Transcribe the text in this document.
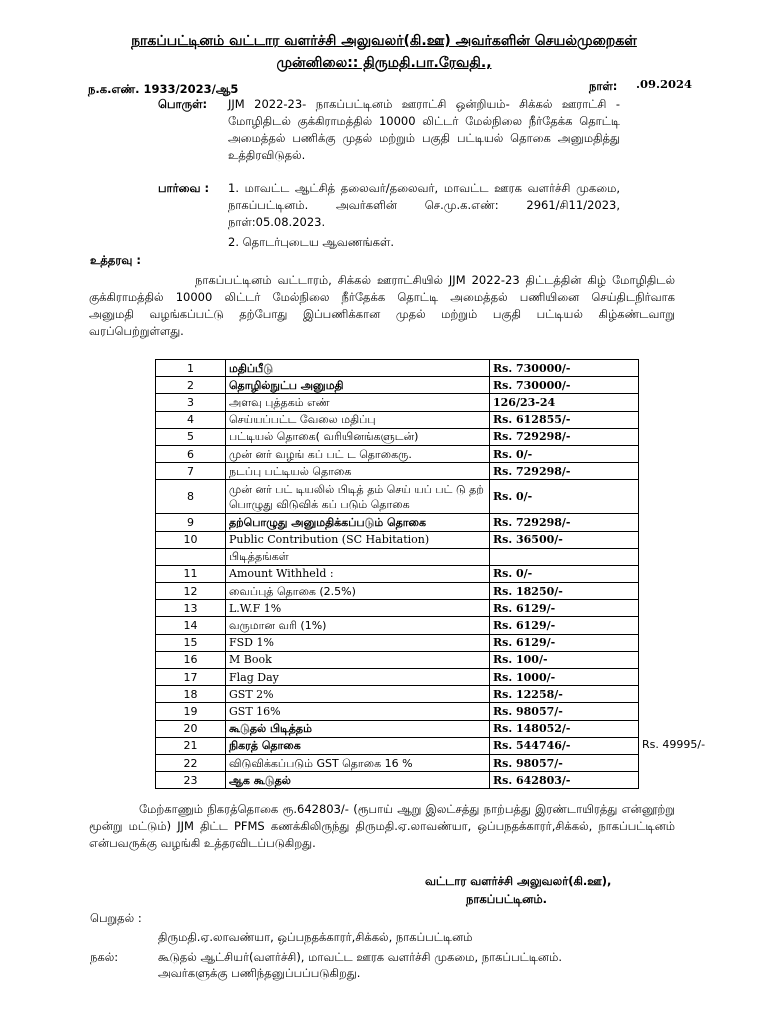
நாகப்பட்டினம் வட்டார வளர்ச்சி அலுவலர்(கி.ஊ) அவர்களின் செயல்முறைகள்
முன்னிலை:: திருமதி.பா.ரேவதி.,
ந.க.எண். 1933/2023/ஆ5	நாள்: .09.2024
பொருள்: JJM 2022-23- நாகப்பட்டினம் ஊராட்சி ஒன்றியம்- சிக்கல் ஊராட்சி -
மோழிதிடல் குக்கிராமத்தில் 10000 லிட்டர் மேல்நிலை நீர்தேக்க தொட்டி
அமைத்தல் பணிக்கு முதல் மற்றும் பகுதி பட்டியல் தொகை அனுமதித்து
உத்திரவிடுதல்.
பார்வை : 1. மாவட்ட ஆட்சித் தலைவர்/தலைவர், மாவட்ட ஊரக வளர்ச்சி முகமை,
நாகப்பட்டினம். அவர்களின் செ.மு.க.எண்: 2961/சி11/2023,
நாள்:05.08.2023.
2. தொடர்புடைய ஆவணங்கள்.
உத்தரவு :
நாகப்பட்டினம் வட்டாரம், சிக்கல் ஊராட்சியில் JJM 2022-23 திட்டத்தின் கிழ் மோழிதிடல்
குக்கிராமத்தில் 10000 லிட்டர் மேல்நிலை நீர்தேக்க தொட்டி அமைத்தல் பணியினை செய்திடநிர்வாக
அனுமதி வழங்கப்பட்டு தற்போது இப்பணிக்கான முதல் மற்றும் பகுதி பட்டியல் கிழ்கண்டவாறு
வரப்பெற்றுள்ளது.
1	மதிப்பீடு	Rs. 730000/-
2	தொழில்நுட்ப அனுமதி	Rs. 730000/-
3	அளவு புத்தகம் எண்	126/23-24
4	செய்யப்பட்ட வேலை மதிப்பு	Rs. 612855/-
5	பட்டியல் தொகை( வரியினங்களுடன்)	Rs. 729298/-
6	முன் னர் வழங் கப் பட் ட தொகைரு.	Rs. 0/-
7	நடப்பு பட்டியல் தொகை	Rs. 729298/-
8	முன் னர் பட் டியலில் பிடித் தம் செய் யப் பட் டு தற் பொழுது விடுவிக் கப் படும் தொகை	Rs. 0/-
9	தற்பொழுது அனுமதிக்கப்படும் தொகை	Rs. 729298/-
10	Public Contribution (SC Habitation)	Rs. 36500/-
	பிடித்தங்கள்	
11	Amount Withheld :	Rs. 0/-
12	வைப்புத் தொகை (2.5%)	Rs. 18250/-
13	L.W.F 1%	Rs. 6129/-
14	வருமான வரி (1%)	Rs. 6129/-
15	FSD 1%	Rs. 6129/-
16	M Book	Rs. 100/-
17	Flag Day	Rs. 1000/-
18	GST 2%	Rs. 12258/-
19	GST 16%	Rs. 98057/-
20	கூடுதல் பிடித்தம்	Rs. 148052/-
21	நிகரத் தொகை	Rs. 544746/-
22	விடுவிக்கப்படும் GST தொகை 16 %	Rs. 98057/-
23	ஆக கூடுதல்	Rs. 642803/-
Rs. 49995/-
மேற்காணும் நிகரத்தொகை ரூ.642803/- (ரூபாய் ஆறு இலட்சத்து நாற்பத்து இரண்டாயிரத்து என்னூற்று
மூன்று மட்டும்) JJM திட்ட PFMS கணக்கிலிருந்து திருமதி.ஏ.லாவண்யா, ஒப்பநதக்காரர்,சிக்கல், நாகப்பட்டினம்
என்பவருக்கு வழங்கி உத்தரவிடப்படுகிறது.
வட்டார வளர்ச்சி அலுவலர்(கி.ஊ),
நாகப்பட்டினம்.
பெறுதல் :
திருமதி.ஏ.லாவண்யா, ஒப்பநதக்காரர்,சிக்கல், நாகப்பட்டினம்
நகல்:	கூடுதல் ஆட்சியர்(வளர்ச்சி), மாவட்ட ஊரக வளர்ச்சி முகமை, நாகப்பட்டினம்.
அவர்களுக்கு பணிந்தனுப்பப்படுகிறது.
